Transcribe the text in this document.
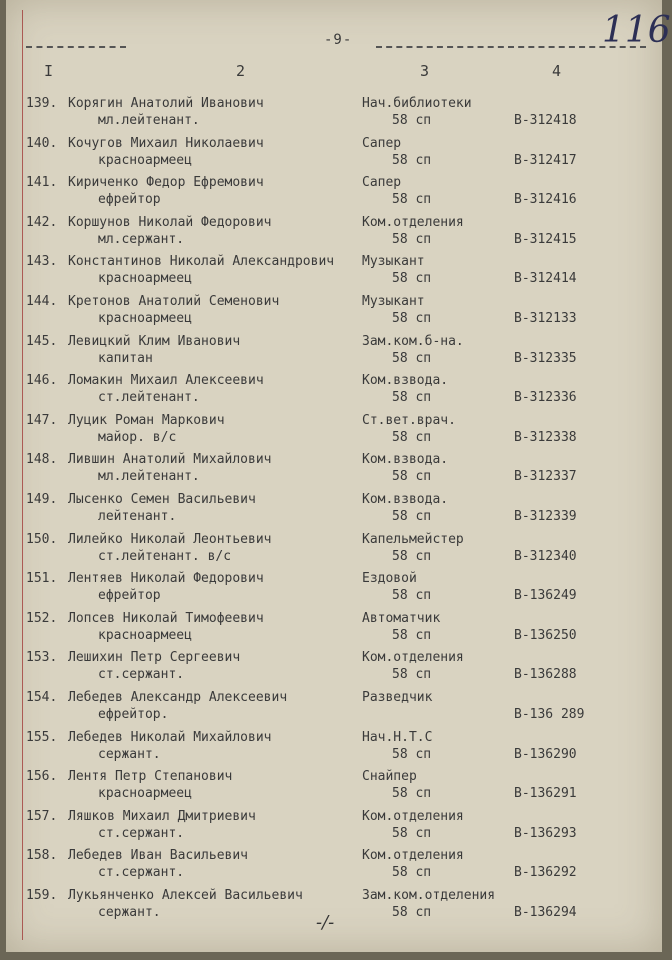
-9-	116
I	2	3	4
139. Корягин Анатолий Иванович
мл.лейтенант.
Нач.библиотеки
58 сп	В-312418
140. Кочугов Михаил Николаевич
красноармеец
Сапер
58 сп	В-312417
141. Кириченко Федор Ефремович
ефрейтор
Сапер
58 сп	В-312416
142. Коршунов Николай Федорович
мл.сержант.
Ком.отделения
58 сп	В-312415
143. Константинов Николай Александрович
красноармеец
Музыкант
58 сп	В-312414
144. Кретонов Анатолий Семенович
красноармеец
Музыкант
58 сп	В-312133
145. Левицкий Клим Иванович
капитан
Зам.ком.б-на.
58 сп	В-312335
146. Ломакин Михаил Алексеевич
ст.лейтенант.
Ком.взвода.
58 сп	В-312336
147. Луцик Роман Маркович
майор. в/с
Ст.вет.врач.
58 сп	В-312338
148. Лившин Анатолий Михайлович
мл.лейтенант.
Ком.взвода.
58 сп	В-312337
149. Лысенко Семен Васильевич
лейтенант.
Ком.взвода.
58 сп	В-312339
150. Лилейко Николай Леонтьевич
ст.лейтенант. в/с
Капельмейстер
58 сп	В-312340
151. Лентяев Николай Федорович
ефрейтор
Ездовой
58 сп	В-136249
152. Лопсев Николай Тимофеевич
красноармеец
Автоматчик
58 сп	В-136250
153. Лешихин Петр Сергеевич
ст.сержант.
Ком.отделения
58 сп	В-136288
154. Лебедев Александр Алексеевич
ефрейтор.
Разведчик
В-136 289
155. Лебедев Николай Михайлович
сержант.
Нач.Н.Т.С
58 сп	В-136290
156. Лентя Петр Степанович
красноармеец
Снайпер
58 сп	В-136291
157. Ляшков Михаил Дмитриевич
ст.сержант.
Ком.отделения
58 сп	В-136293
158. Лебедев Иван Васильевич
ст.сержант.
Ком.отделения
58 сп	В-136292
159. Лукьянченко Алексей Васильевич
сержант.
Зам.ком.отделения
58 сп	В-136294
-/-
